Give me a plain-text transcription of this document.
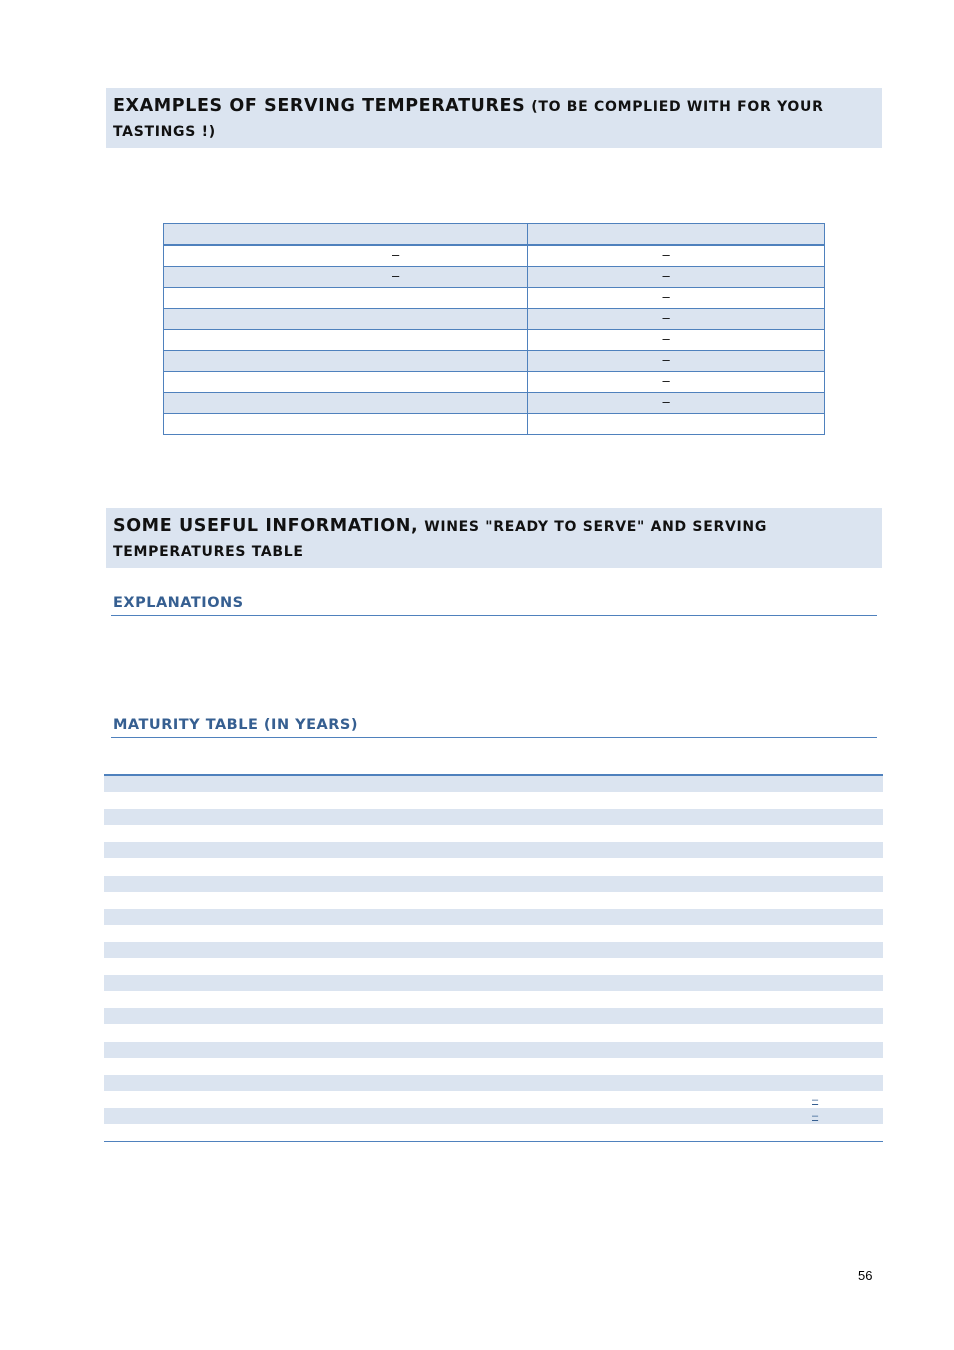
EXAMPLES OF SERVING TEMPERATURES (TO BE COMPLIED WITH FOR YOUR
TASTINGS !)

–	–

–	–

	–

	–

	–

	–

	–

	–

SOME USEFUL INFORMATION, WINES "READY TO SERVE" AND SERVING
TEMPERATURES TABLE
EXPLANATIONS
MATURITY TABLE (IN YEARS)
–
–
56
